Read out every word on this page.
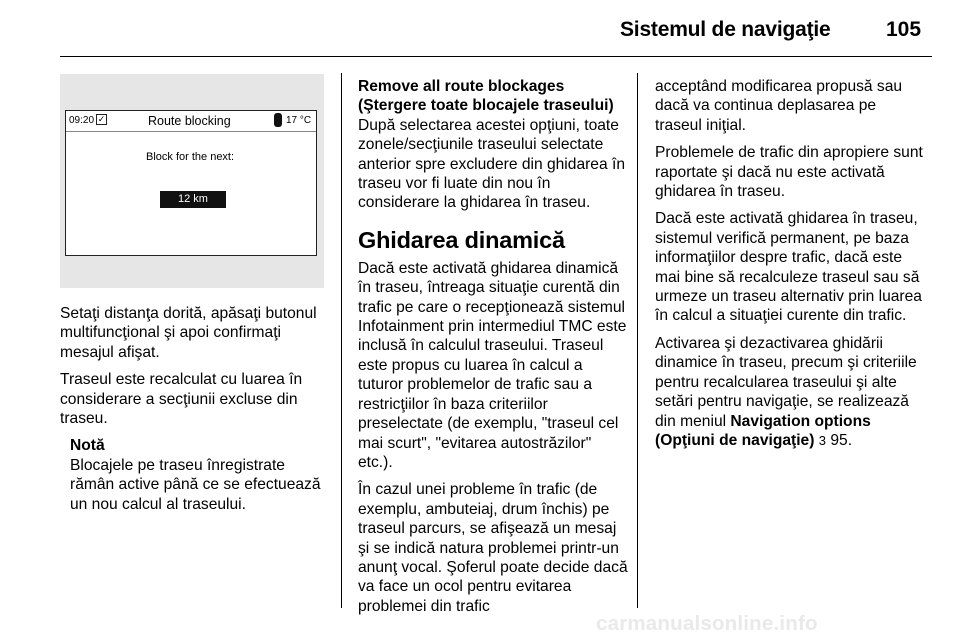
Sistemul de navigaţie	105
09:20 ✓	Route blocking	17 °C
Block for the next:
12 km

Setaţi distanţa dorită, apăsaţi butonul multifuncţional şi apoi confirmaţi mesajul afişat.

Traseul este recalculat cu luarea în considerare a secţiunii excluse din traseu.

Notă
Blocajele pe traseu înregistrate rămân active până ce se efectuează un nou calcul al traseului.
Remove all route blockages (Ştergere toate blocajele traseului)

După selectarea acestei opţiuni, toate zonele/secţiunile traseului selectate anterior spre excludere din ghidarea în traseu vor fi luate din nou în considerare la ghidarea în traseu.

Ghidarea dinamică

Dacă este activată ghidarea dinamică în traseu, întreaga situaţie curentă din trafic pe care o recepţionează sistemul Infotainment prin intermediul TMC este inclusă în calculul traseului. Traseul este propus cu luarea în calcul a tuturor problemelor de trafic sau a restricţiilor în baza criteriilor preselectate (de exemplu, "traseul cel mai scurt", "evitarea autostrăzilor" etc.).

În cazul unei probleme în trafic (de exemplu, ambuteiaj, drum închis) pe traseul parcurs, se afişează un mesaj şi se indică natura problemei printr-un anunţ vocal. Şoferul poate decide dacă va face un ocol pentru evitarea problemei din trafic

acceptând modificarea propusă sau dacă va continua deplasarea pe traseul iniţial.

Problemele de trafic din apropiere sunt raportate şi dacă nu este activată ghidarea în traseu.

Dacă este activată ghidarea în traseu, sistemul verifică permanent, pe baza informaţiilor despre trafic, dacă este mai bine să recalculeze traseul sau să urmeze un traseu alternativ prin luarea în calcul a situaţiei curente din trafic.

Activarea şi dezactivarea ghidării dinamice în traseu, precum şi criteriile pentru recalcularea traseului şi alte setări pentru navigaţie, se realizează din meniul Navigation options (Opţiuni de navigaţie) 3 95.

carmanualsonline.info
